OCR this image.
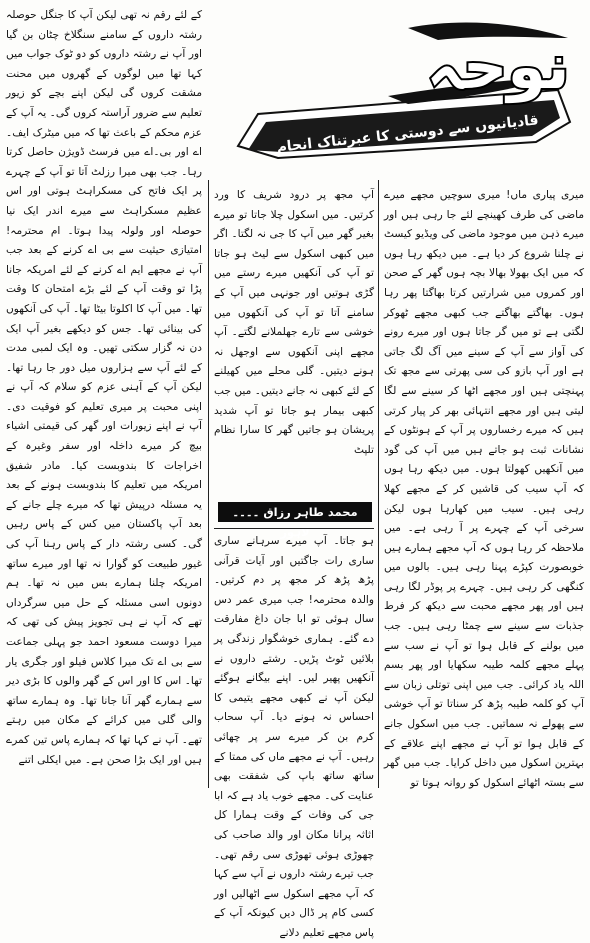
کے لئے رقم نہ تھی لیکن آپ کا جنگل حوصلہ رشتہ داروں کے سامنے سنگلاخ چٹان بن گیا اور آپ نے رشتہ داروں کو دو ٹوک جواب میں کہا تھا میں لوگوں کے گھروں میں محنت مشقت کروں گی لیکن اپنے بچے کو زیور تعلیم سے ضرور آراستہ کروں گی۔ یہ آپ کے عزم محکم کے باعث تھا کہ میں میٹرک ایف۔اے اور بی۔اے میں فرسٹ ڈویژن حاصل کرتا رہا۔ جب بھی میرا رزلٹ آتا تو آپ کے چہرے پر ایک فاتح کی مسکراہٹ ہوتی اور اس عظیم مسکراہٹ سے میرے اندر ایک نیا حوصلہ اور ولولہ پیدا ہوتا۔ ام محترمہ! امتیازی حیثیت سے بی اے کرنے کے بعد جب آپ نے مجھے ایم اے کرنے کے لئے امریکہ جانا پڑا تو وقت آپ کے لئے بڑے امتحان کا وقت تھا۔ میں آپ کا اکلوتا بیٹا تھا۔ آپ کی آنکھوں کی بینائی تھا۔ جس کو دیکھے بغیر آپ ایک دن نہ گزار سکتی تھیں۔ وہ ایک لمبی مدت کے لئے آپ سے ہزاروں میل دور جا رہا تھا۔ لیکن آپ کے آہنی عزم کو سلام کہ آپ نے اپنی محبت پر میری تعلیم کو فوقیت دی۔ آپ نے اپنے زیورات اور گھر کی قیمتی اشیاء بیچ کر میرے داخلہ اور سفر وغیرہ کے اخراجات کا بندوبست کیا۔ مادر شفیق امریکہ میں تعلیم کا بندوبست ہونے کے بعد یہ مسئلہ درپیش تھا کہ میرے چلے جانے کے بعد آپ پاکستان میں کس کے پاس رہیں گی۔ کسی رشتہ دار کے پاس رہنا آپ کی غیور طبیعت کو گوارا نہ تھا اور میرے ساتھ امریکہ چلنا ہمارے بس میں نہ تھا۔ ہم دونوں اسی مسئلہ کے حل میں سرگرداں تھے کہ آپ نے ہی تجویز پیش کی تھی کہ میرا دوست مسعود احمد جو پہلی جماعت سے بی اے تک میرا کلاس فیلو اور جگری یار تھا۔ اس کا اور اس کے گھر والوں کا بڑی دیر سے ہمارے گھر آنا جانا تھا۔ وہ ہمارے ساتھ والی گلی میں کرائے کے مکان میں رہتے تھے۔ آپ نے کہا تھا کہ ہمارے پاس تین کمرے ہیں اور ایک بڑا صحن ہے۔ میں ایکلی اتنے

نوحہ
قادیانیوں سے دوستی کا عبرتناک انجام

آپ مجھ پر درود شریف کا ورد کرتیں۔ میں اسکول چلا جاتا تو میرے بغیر گھر میں آپ کا جی نہ لگتا۔ اگر میں کبھی اسکول سے لیٹ ہو جاتا تو آپ کی آنکھیں میرے رستے میں گڑی ہوتیں اور جونہی میں آپ کے سامنے آتا تو آپ کی آنکھوں میں خوشی سے تارے جھلملانے لگتے۔ آپ مجھے اپنی آنکھوں سے اوجھل نہ ہونے دیتیں۔ گلی محلے میں کھیلنے کے لئے کبھی نہ جانے دیتیں۔ میں جب کبھی بیمار ہو جاتا تو آپ شدید پریشان ہو جاتیں گھر کا سارا نظام تلپٹ

محمد طاہر رزاق ۔۔۔۔ لاہور

ہو جاتا۔ آپ میرے سرہانے ساری ساری رات جاگتیں اور آیات قرآنی پڑھ پڑھ کر مجھ پر دم کرتیں۔ والدہ محترمہ! جب میری عمر دس سال ہوئی تو ابا جان داغ مفارقت دے گئے۔ ہماری خوشگوار زندگی پر بلائیں ٹوٹ پڑیں۔ رشتے داروں نے آنکھیں پھیر لیں۔ اپنے بیگانے ہوگئے لیکن آپ نے کبھی مجھے یتیمی کا احساس نہ ہونے دیا۔ آپ سحاب کرم بن کر میرے سر پر چھائی رہیں۔ آپ نے مجھے ماں کی ممتا کے ساتھ ساتھ باپ کی شفقت بھی عنایت کی۔ مجھے خوب یاد ہے کہ ابا جی کی وفات کے وقت ہمارا کل اثاثہ پرانا مکان اور والد صاحب کی چھوڑی ہوئی تھوڑی سی رقم تھی۔ جب تیرے رشتہ داروں نے آپ سے کہا کہ آپ مجھے اسکول سے اٹھالیں اور کسی کام پر ڈال دیں کیونکہ آپ کے پاس مجھے تعلیم دلانے

میری پیاری ماں! میری سوچیں مجھے میرے ماضی کی طرف کھینچے لئے جا رہی ہیں اور میرے ذہن میں موجود ماضی کی ویڈیو کیسٹ نے چلنا شروع کر دیا ہے۔ میں دیکھ رہا ہوں کہ میں ایک بھولا بھالا بچہ ہوں گھر کے صحن اور کمروں میں شرارتیں کرتا بھاگتا پھر رہا ہوں۔ بھاگتے بھاگتے جب کبھی مجھے ٹھوکر لگتی ہے تو میں گر جاتا ہوں اور میرے رونے کی آواز سے آپ کے سینے میں آگ لگ جاتی ہے اور آپ بازو کی سی پھرتی سے مجھ تک پہنچتی ہیں اور مجھے اٹھا کر سینے سے لگا لیتی ہیں اور مجھے انتہائی بھر کر پیار کرتی ہیں کہ میرے رخساروں پر آپ کے ہونٹوں کے نشانات ثبت ہو جاتے ہیں میں آپ کی گود میں آنکھیں کھولتا ہوں۔ میں دیکھ رہا ہوں کہ آپ سیب کی قاشیں کر کے مجھے کھلا رہی ہیں۔ سیب میں کھارہا ہوں لیکن سرخی آپ کے چہرے پر آ رہی ہے۔ میں ملاحظہ کر رہا ہوں کہ آپ مجھے ہمارے ہیں خوبصورت کپڑے پہنا رہی ہیں۔ بالوں میں کنگھی کر رہی ہیں۔ چہرے پر پوڈر لگا رہی ہیں اور پھر مجھے محبت سے دیکھ کر فرط جذبات سے سینے سے چمٹا رہی ہیں۔ جب میں بولنے کے قابل ہوا تو آپ نے سب سے پہلے مجھے کلمہ طیبہ سکھایا اور پھر بسم اللہ یاد کرائی۔ جب میں اپنی توتلی زبان سے آپ کو کلمہ طیبہ پڑھ کر سناتا تو آپ خوشی سے پھولے نہ سماتیں۔ جب میں اسکول جانے کے قابل ہوا تو آپ نے مجھے اپنے علاقے کے بہترین اسکول میں داخل کرایا۔ جب میں گھر سے بستہ اٹھائے اسکول کو روانہ ہوتا تو
